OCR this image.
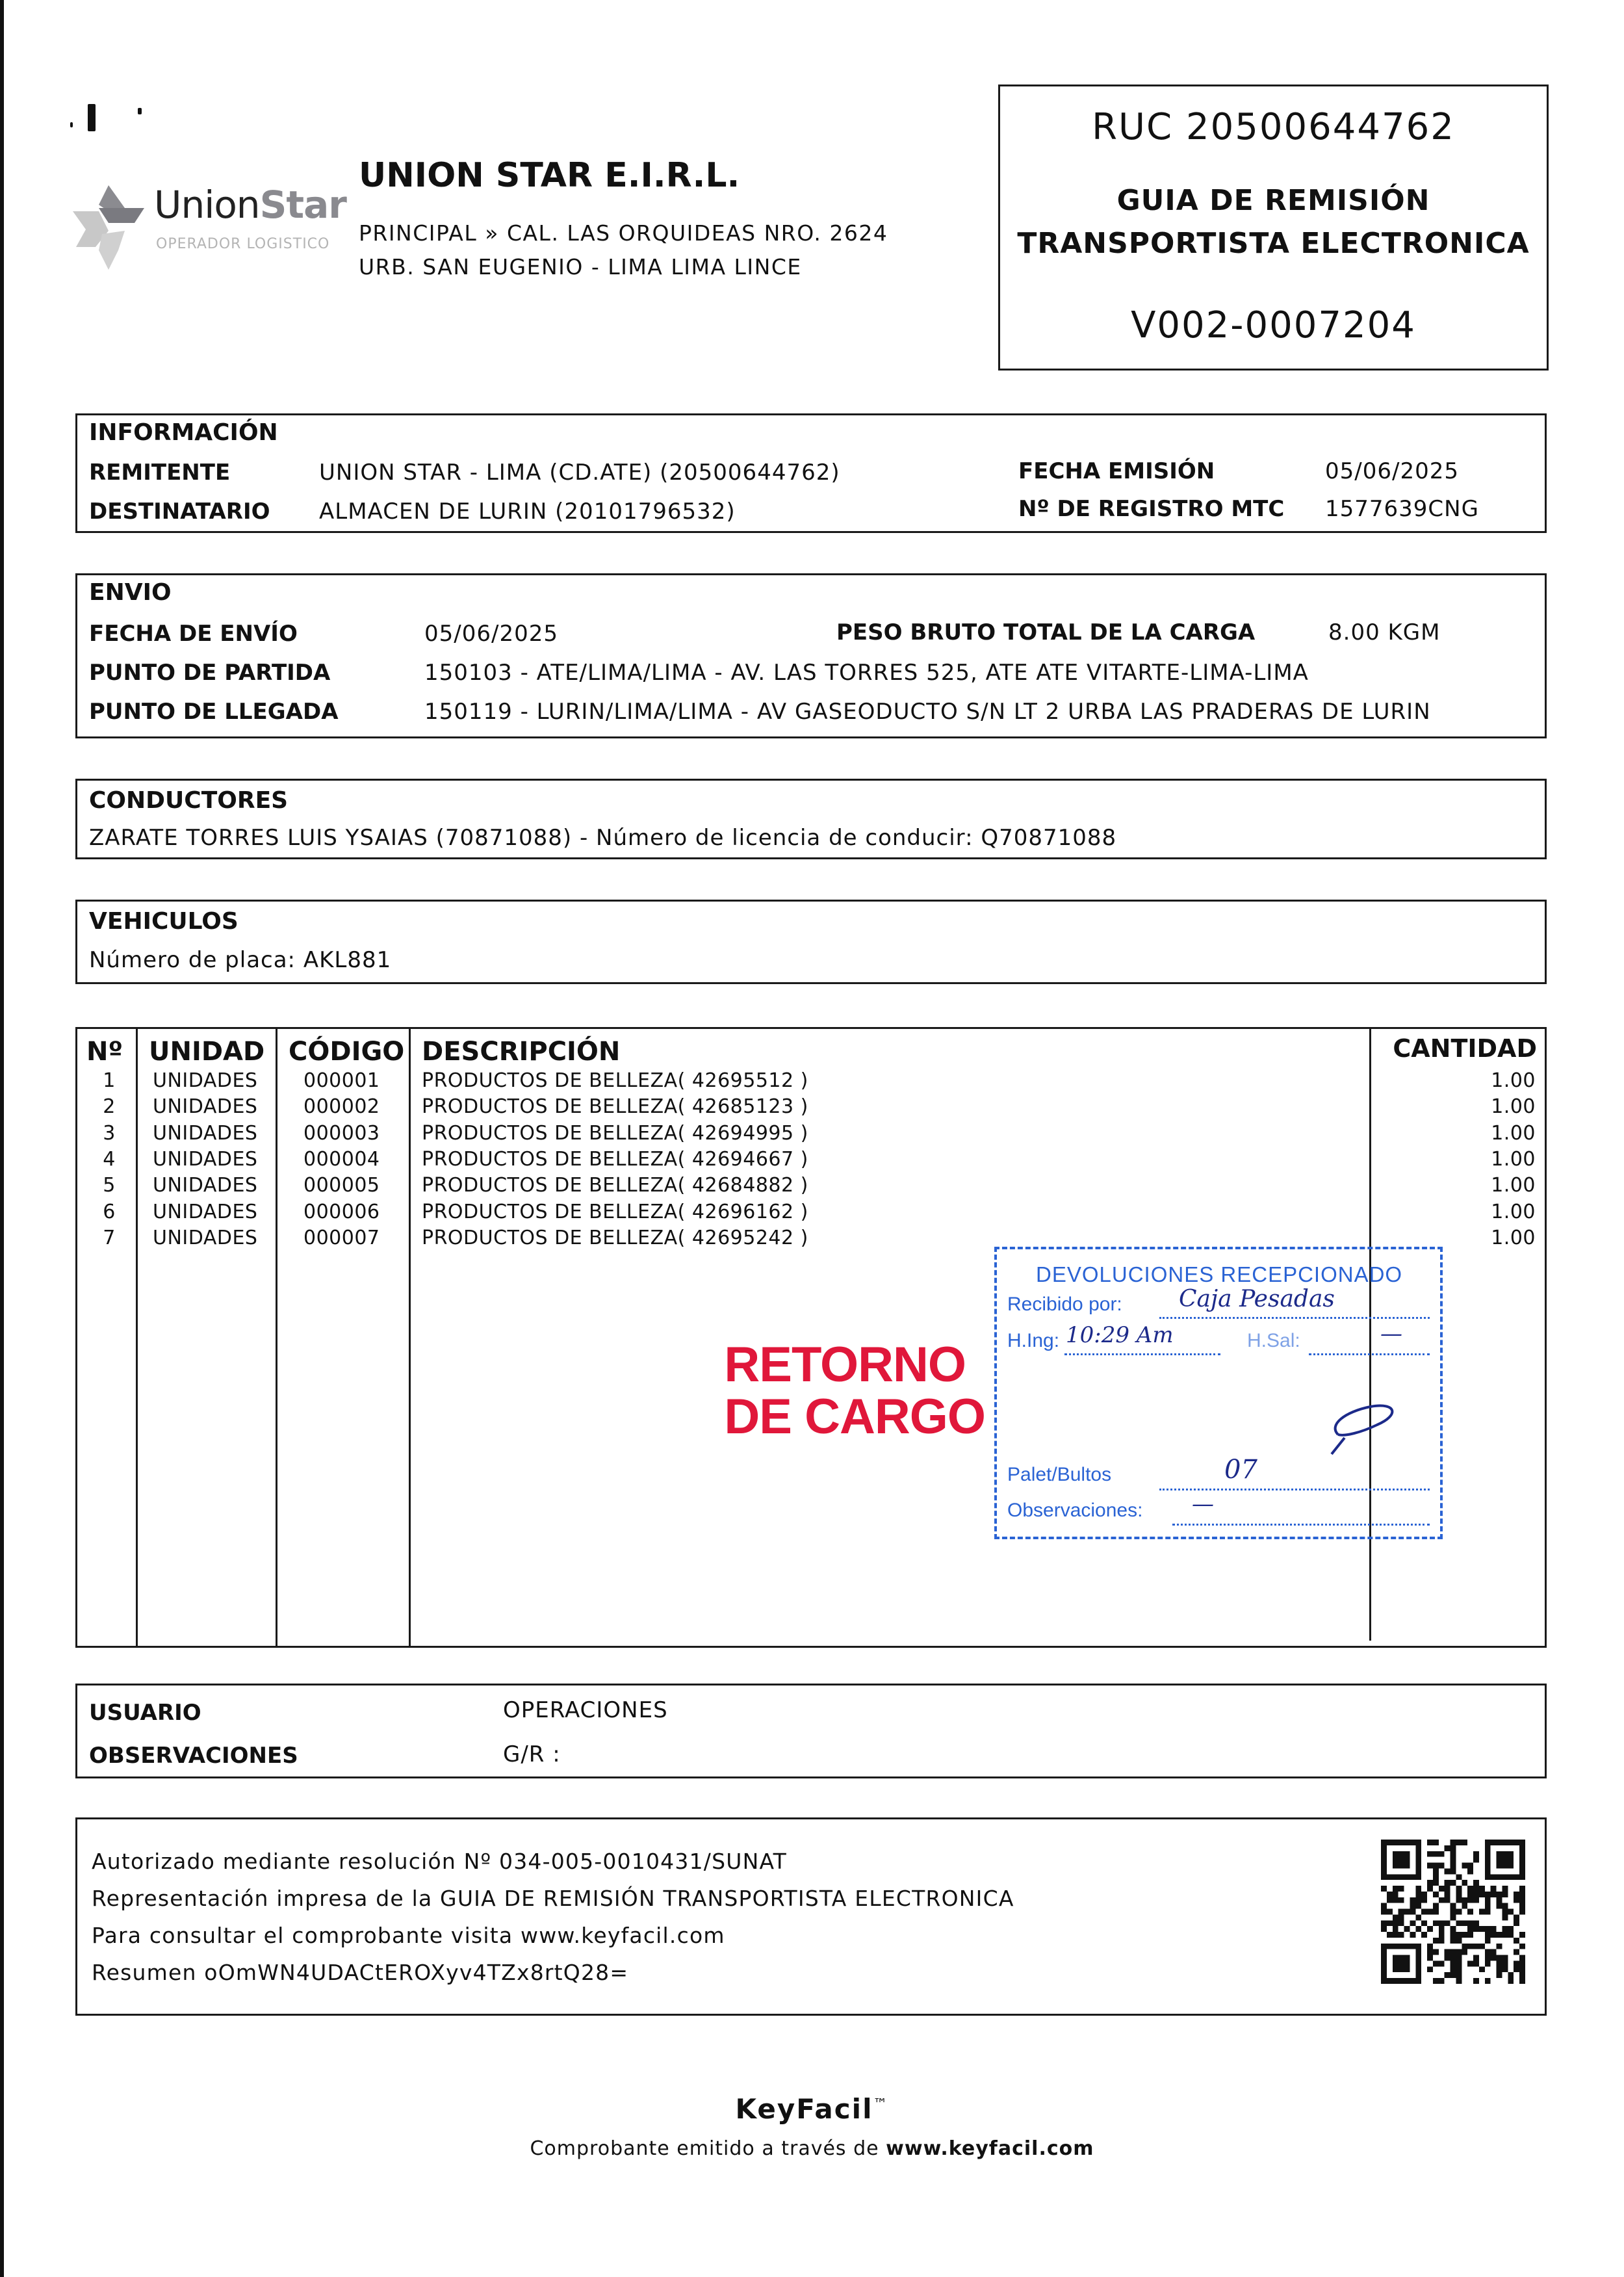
UnionStar
OPERADOR LOGISTICO
UNION STAR E.I.R.L.
PRINCIPAL » CAL. LAS ORQUIDEAS NRO. 2624
URB. SAN EUGENIO - LIMA LIMA LINCE
RUC 20500644762
GUIA DE REMISIÓN
TRANSPORTISTA ELECTRONICA
V002-0007204
INFORMACIÓN
REMITENTE	UNION STAR - LIMA (CD.ATE) (20500644762)
DESTINATARIO ALMACEN DE LURIN (20101796532)
FECHA EMISIÓN	05/06/2025
Nº DE REGISTRO MTC 1577639CNG
ENVIO
FECHA DE ENVÍO	05/06/2025	PESO BRUTO TOTAL DE LA CARGA	8.00 KGM
PUNTO DE PARTIDA	150103 - ATE/LIMA/LIMA - AV. LAS TORRES 525, ATE ATE VITARTE-LIMA-LIMA
PUNTO DE LLEGADA	150119 - LURIN/LIMA/LIMA - AV GASEODUCTO S/N LT 2 URBA LAS PRADERAS DE LURIN
CONDUCTORES
ZARATE TORRES LUIS YSAIAS (70871088) - Número de licencia de conducir: Q70871088
VEHICULOS
Número de placa: AKL881
Nº UNIDAD CÓDIGO DESCRIPCIÓN	CANTIDAD
1 UNIDADES 000001 PRODUCTOS DE BELLEZA( 42695512 )	1.00
2 UNIDADES 000002 PRODUCTOS DE BELLEZA( 42685123 )	1.00
3 UNIDADES 000003 PRODUCTOS DE BELLEZA( 42694995 )	1.00
4 UNIDADES 000004 PRODUCTOS DE BELLEZA( 42694667 )	1.00
5 UNIDADES 000005 PRODUCTOS DE BELLEZA( 42684882 )	1.00
6 UNIDADES 000006 PRODUCTOS DE BELLEZA( 42696162 )	1.00
7 UNIDADES 000007 PRODUCTOS DE BELLEZA( 42695242 )	1.00
RETORNO
DE CARGO
DEVOLUCIONES RECEPCIONADO
Recibido por: Caja Pesadas
H.Ing: 10:29 Am	H.Sal:	—
Palet/Bultos	07
Observaciones: —
USUARIO	OPERACIONES
OBSERVACIONES	G/R :
Autorizado mediante resolución Nº 034-005-0010431/SUNAT
Representación impresa de la GUIA DE REMISIÓN TRANSPORTISTA ELECTRONICA
Para consultar el comprobante visita www.keyfacil.com
Resumen oOmWN4UDACtEROXyv4TZx8rtQ28=
KeyFacil™
Comprobante emitido a través de www.keyfacil.com
